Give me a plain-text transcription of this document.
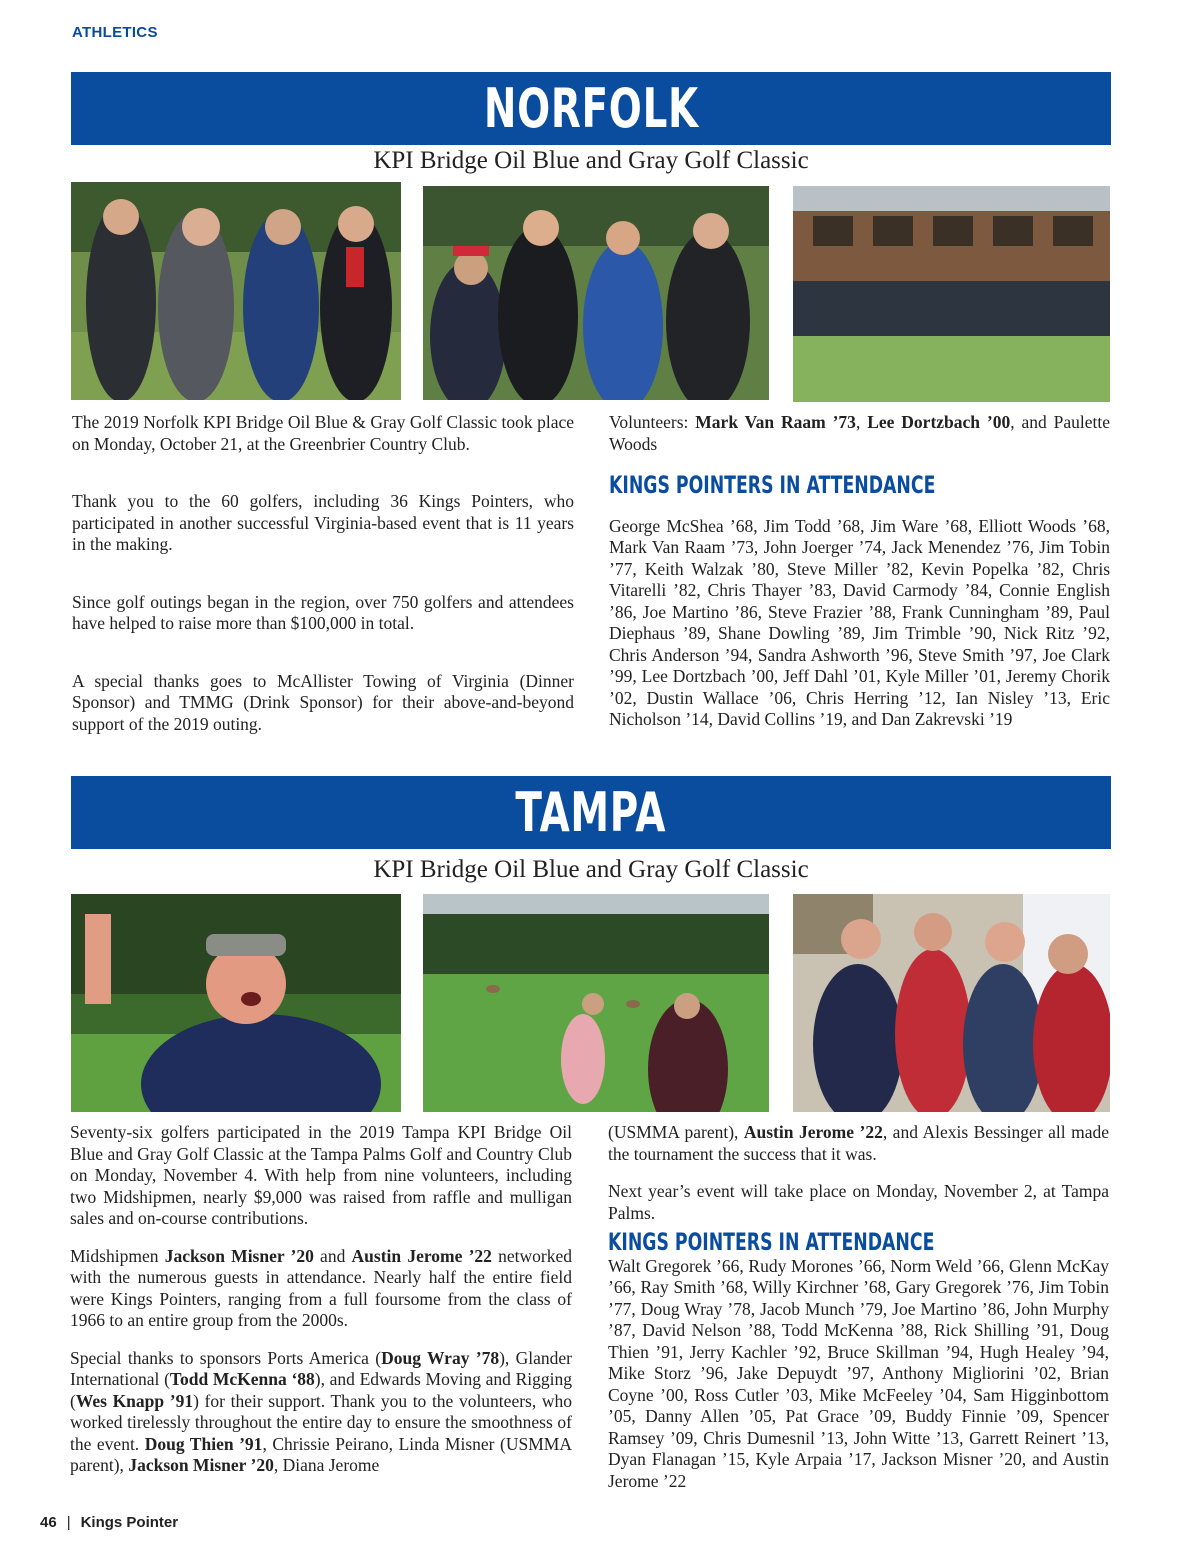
ATHLETICS
NORFOLK
KPI Bridge Oil Blue and Gray Golf Classic

The 2019 Norfolk KPI Bridge Oil Blue & Gray Golf Classic took place on Monday, October 21, at the Greenbrier Country Club.

Thank you to the 60 golfers, including 36 Kings Pointers, who participated in another successful Virginia-based event that is 11 years in the making.

Since golf outings began in the region, over 750 golfers and attendees have helped to raise more than $100,000 in total.

A special thanks goes to McAllister Towing of Virginia (Dinner Sponsor) and TMMG (Drink Sponsor) for their above-and-beyond support of the 2019 outing.

Volunteers: Mark Van Raam ’73, Lee Dortzbach ’00, and Paulette Woods

KINGS POINTERS IN ATTENDANCE

George McShea ’68, Jim Todd ’68, Jim Ware ’68, Elliott Woods ’68, Mark Van Raam ’73, John Joerger ’74, Jack Menendez ’76, Jim Tobin ’77, Keith Walzak ’80, Steve Miller ’82, Kevin Popelka ’82, Chris Vitarelli ’82, Chris Thayer ’83, David Carmody ’84, Connie English ’86, Joe Martino ’86, Steve Frazier ’88, Frank Cunningham ’89, Paul Diephaus ’89, Shane Dowling ’89, Jim Trimble ’90, Nick Ritz ’92, Chris Anderson ’94, Sandra Ashworth ’96, Steve Smith ’97, Joe Clark ’99, Lee Dortzbach ’00, Jeff Dahl ’01, Kyle Miller ’01, Jeremy Chorik ’02, Dustin Wallace ’06, Chris Herring ’12, Ian Nisley ’13, Eric Nicholson ’14, David Collins ’19, and Dan Zakrevski ’19

TAMPA
KPI Bridge Oil Blue and Gray Golf Classic

Seventy-six golfers participated in the 2019 Tampa KPI Bridge Oil Blue and Gray Golf Classic at the Tampa Palms Golf and Country Club on Monday, November 4. With help from nine volunteers, including two Midshipmen, nearly $9,000 was raised from raffle and mulligan sales and on-course contributions.

Midshipmen Jackson Misner ’20 and Austin Jerome ’22 networked with the numerous guests in attendance. Nearly half the entire field were Kings Pointers, ranging from a full foursome from the class of 1966 to an entire group from the 2000s.

Special thanks to sponsors Ports America (Doug Wray ’78), Glander International (Todd McKenna ‘88), and Edwards Moving and Rigging (Wes Knapp ’91) for their support. Thank you to the volunteers, who worked tirelessly throughout the entire day to ensure the smoothness of the event. Doug Thien ’91, Chrissie Peirano, Linda Misner (USMMA parent), Jackson Misner ’20, Diana Jerome

(USMMA parent), Austin Jerome ’22, and Alexis Bessinger all made the tournament the success that it was.

Next year’s event will take place on Monday, November 2, at Tampa Palms.

KINGS POINTERS IN ATTENDANCE

Walt Gregorek ’66, Rudy Morones ’66, Norm Weld ’66, Glenn McKay ’66, Ray Smith ’68, Willy Kirchner ’68, Gary Gregorek ’76, Jim Tobin ’77, Doug Wray ’78, Jacob Munch ’79, Joe Martino ’86, John Murphy ’87, David Nelson ’88, Todd McKenna ’88, Rick Shilling ’91, Doug Thien ’91, Jerry Kachler ’92, Bruce Skillman ’94, Hugh Healey ’94, Mike Storz ’96, Jake Depuydt ’97, Anthony Migliorini ’02, Brian Coyne ’00, Ross Cutler ’03, Mike McFeeley ’04, Sam Higginbottom ’05, Danny Allen ’05, Pat Grace ’09, Buddy Finnie ’09, Spencer Ramsey ’09, Chris Dumesnil ’13, John Witte ’13, Garrett Reinert ’13, Dyan Flanagan ’15, Kyle Arpaia ’17, Jackson Misner ’20, and Austin Jerome ’22

46 | Kings Pointer
